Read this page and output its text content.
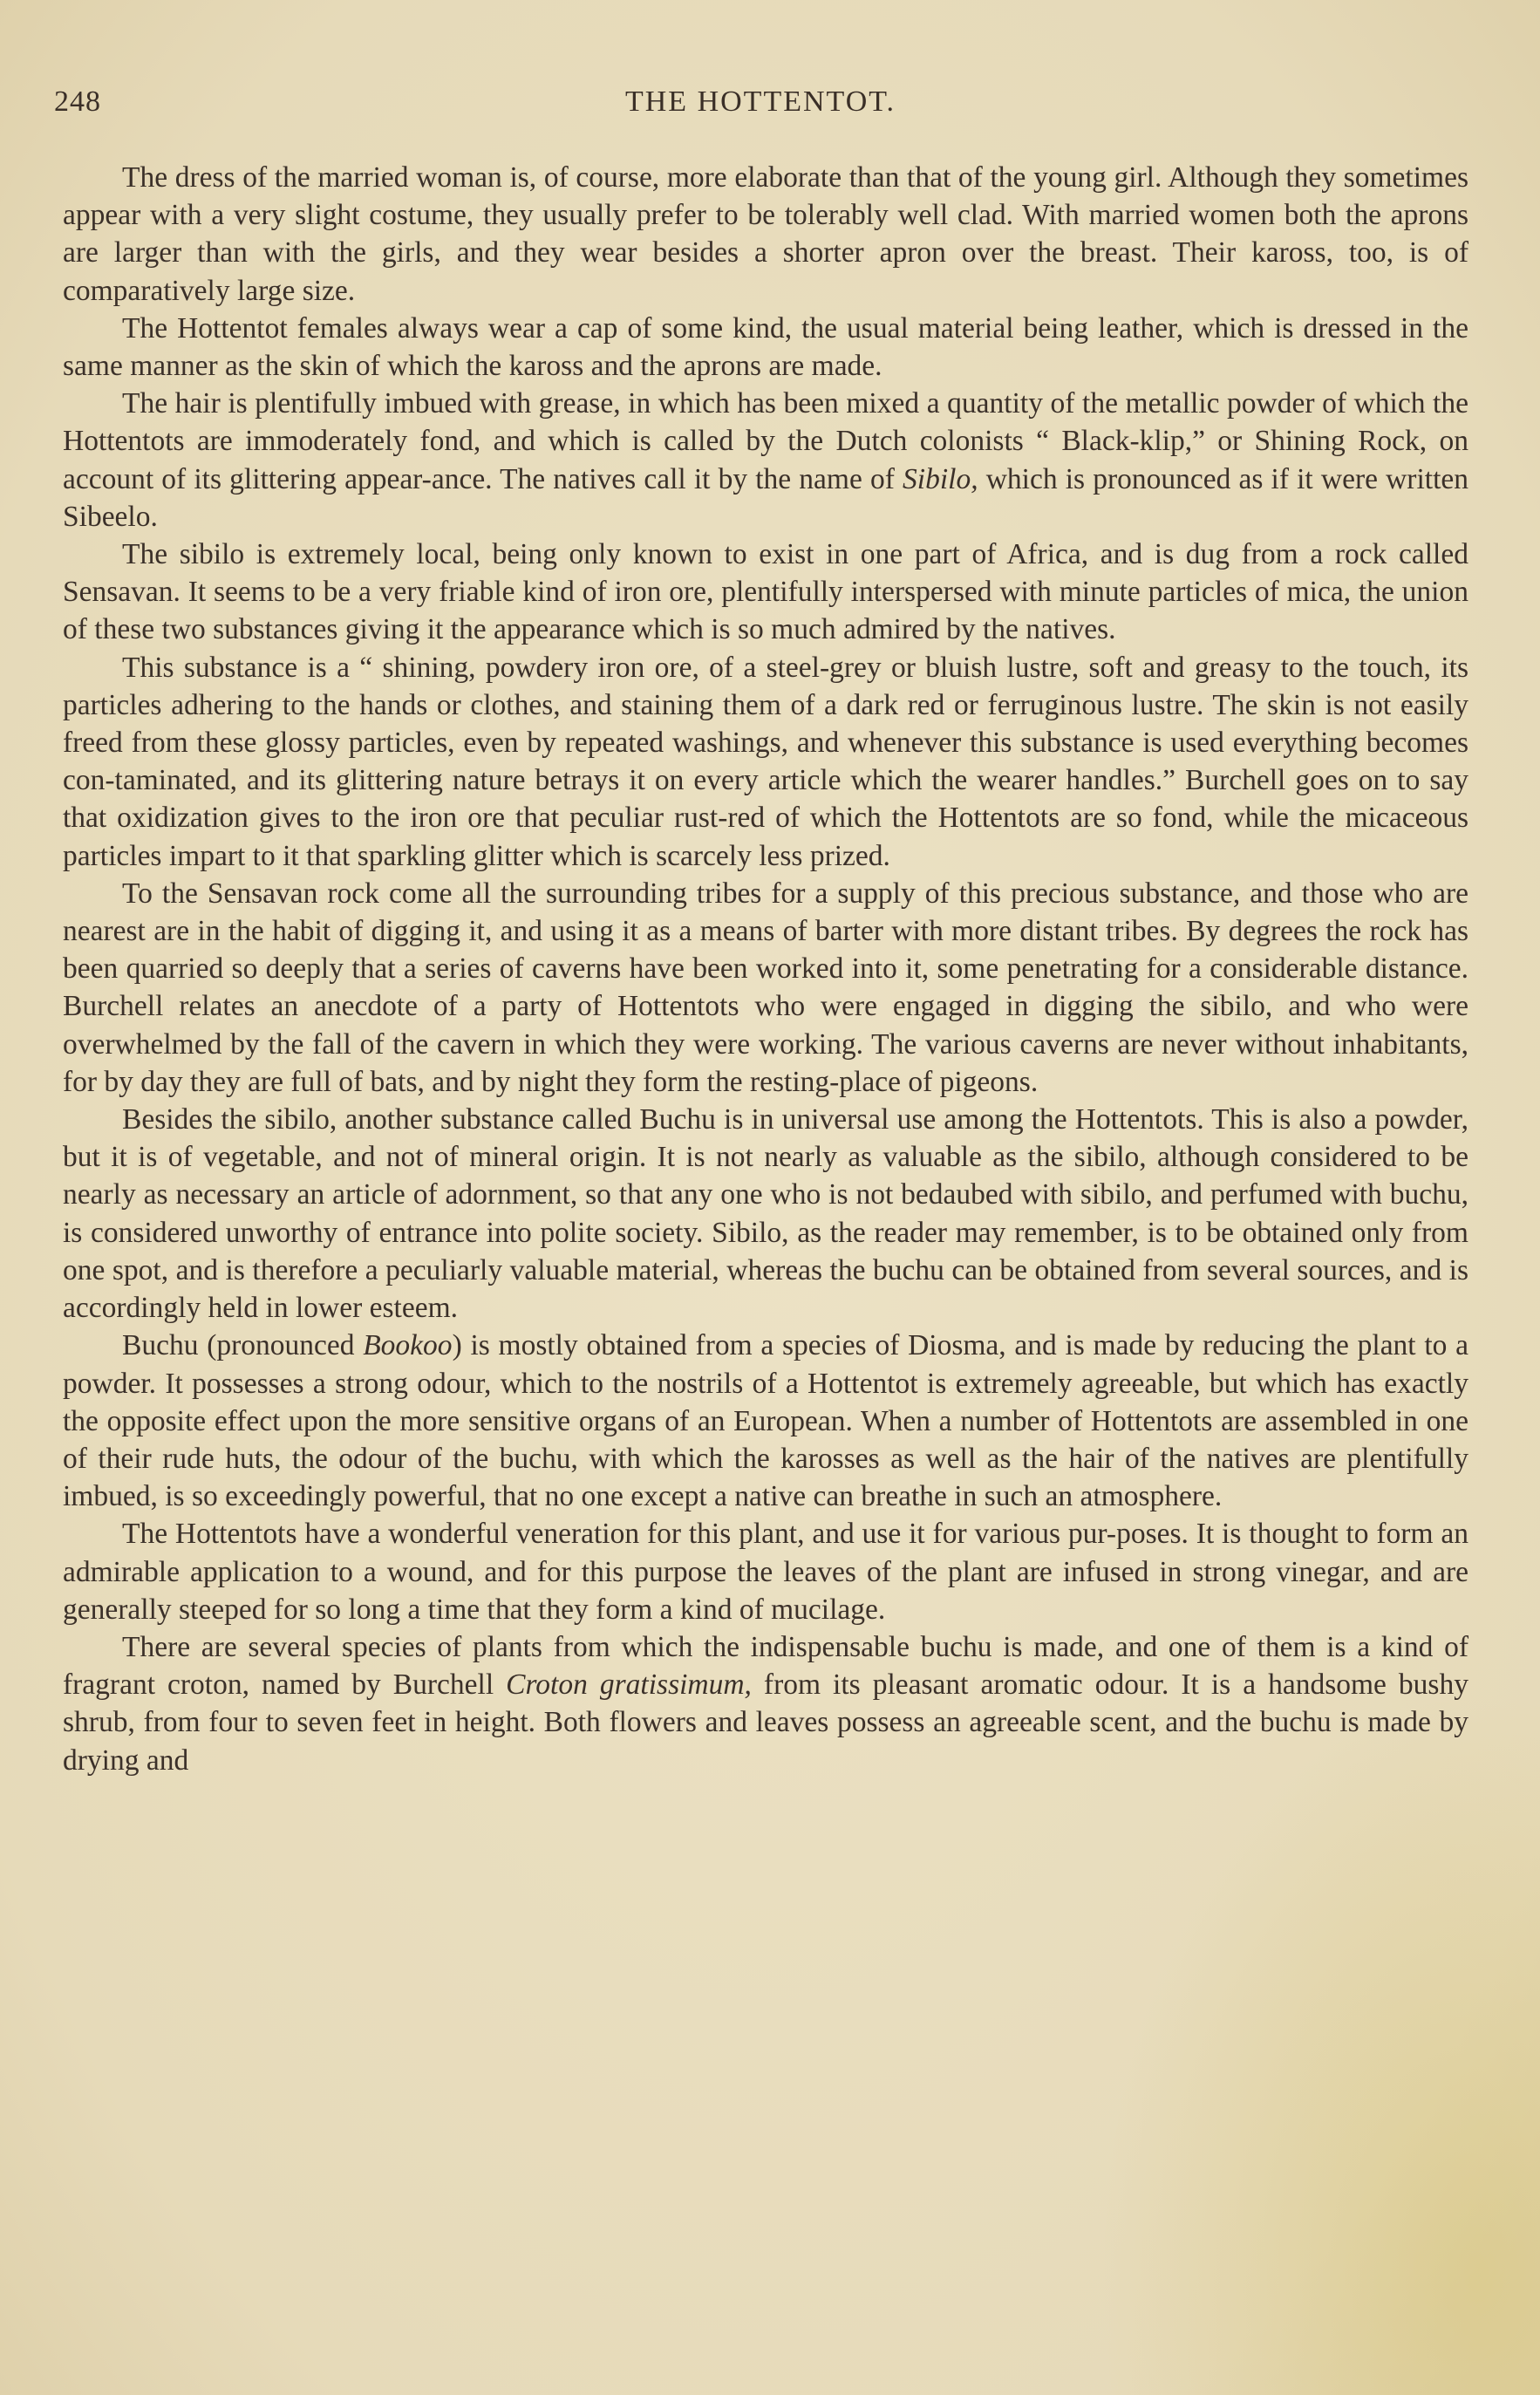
248	THE HOTTENTOT.

The dress of the married woman is, of course, more elaborate than that of the young girl. Although they sometimes appear with a very slight costume, they usually prefer to be tolerably well clad. With married women both the aprons are larger than with the girls, and they wear besides a shorter apron over the breast. Their kaross, too, is of comparatively large size.

The Hottentot females always wear a cap of some kind, the usual material being leather, which is dressed in the same manner as the skin of which the kaross and the aprons are made.

The hair is plentifully imbued with grease, in which has been mixed a quantity of the metallic powder of which the Hottentots are immoderately fond, and which is called by the Dutch colonists “ Black-klip,” or Shining Rock, on account of its glittering appear-ance. The natives call it by the name of Sibilo, which is pronounced as if it were written Sibeelo.

The sibilo is extremely local, being only known to exist in one part of Africa, and is dug from a rock called Sensavan. It seems to be a very friable kind of iron ore, plentifully interspersed with minute particles of mica, the union of these two substances giving it the appearance which is so much admired by the natives.

This substance is a “ shining, powdery iron ore, of a steel-grey or bluish lustre, soft and greasy to the touch, its particles adhering to the hands or clothes, and staining them of a dark red or ferruginous lustre. The skin is not easily freed from these glossy particles, even by repeated washings, and whenever this substance is used everything becomes con-taminated, and its glittering nature betrays it on every article which the wearer handles.” Burchell goes on to say that oxidization gives to the iron ore that peculiar rust-red of which the Hottentots are so fond, while the micaceous particles impart to it that sparkling glitter which is scarcely less prized.

To the Sensavan rock come all the surrounding tribes for a supply of this precious substance, and those who are nearest are in the habit of digging it, and using it as a means of barter with more distant tribes. By degrees the rock has been quarried so deeply that a series of caverns have been worked into it, some penetrating for a considerable distance. Burchell relates an anecdote of a party of Hottentots who were engaged in digging the sibilo, and who were overwhelmed by the fall of the cavern in which they were working. The various caverns are never without inhabitants, for by day they are full of bats, and by night they form the resting-place of pigeons.

Besides the sibilo, another substance called Buchu is in universal use among the Hottentots. This is also a powder, but it is of vegetable, and not of mineral origin. It is not nearly as valuable as the sibilo, although considered to be nearly as necessary an article of adornment, so that any one who is not bedaubed with sibilo, and perfumed with buchu, is considered unworthy of entrance into polite society. Sibilo, as the reader may remember, is to be obtained only from one spot, and is therefore a peculiarly valuable material, whereas the buchu can be obtained from several sources, and is accordingly held in lower esteem.

Buchu (pronounced Bookoo) is mostly obtained from a species of Diosma, and is made by reducing the plant to a powder. It possesses a strong odour, which to the nostrils of a Hottentot is extremely agreeable, but which has exactly the opposite effect upon the more sensitive organs of an European. When a number of Hottentots are assembled in one of their rude huts, the odour of the buchu, with which the karosses as well as the hair of the natives are plentifully imbued, is so exceedingly powerful, that no one except a native can breathe in such an atmosphere.

The Hottentots have a wonderful veneration for this plant, and use it for various pur-poses. It is thought to form an admirable application to a wound, and for this purpose the leaves of the plant are infused in strong vinegar, and are generally steeped for so long a time that they form a kind of mucilage.

There are several species of plants from which the indispensable buchu is made, and one of them is a kind of fragrant croton, named by Burchell Croton gratissimum, from its pleasant aromatic odour. It is a handsome bushy shrub, from four to seven feet in height. Both flowers and leaves possess an agreeable scent, and the buchu is made by drying and
